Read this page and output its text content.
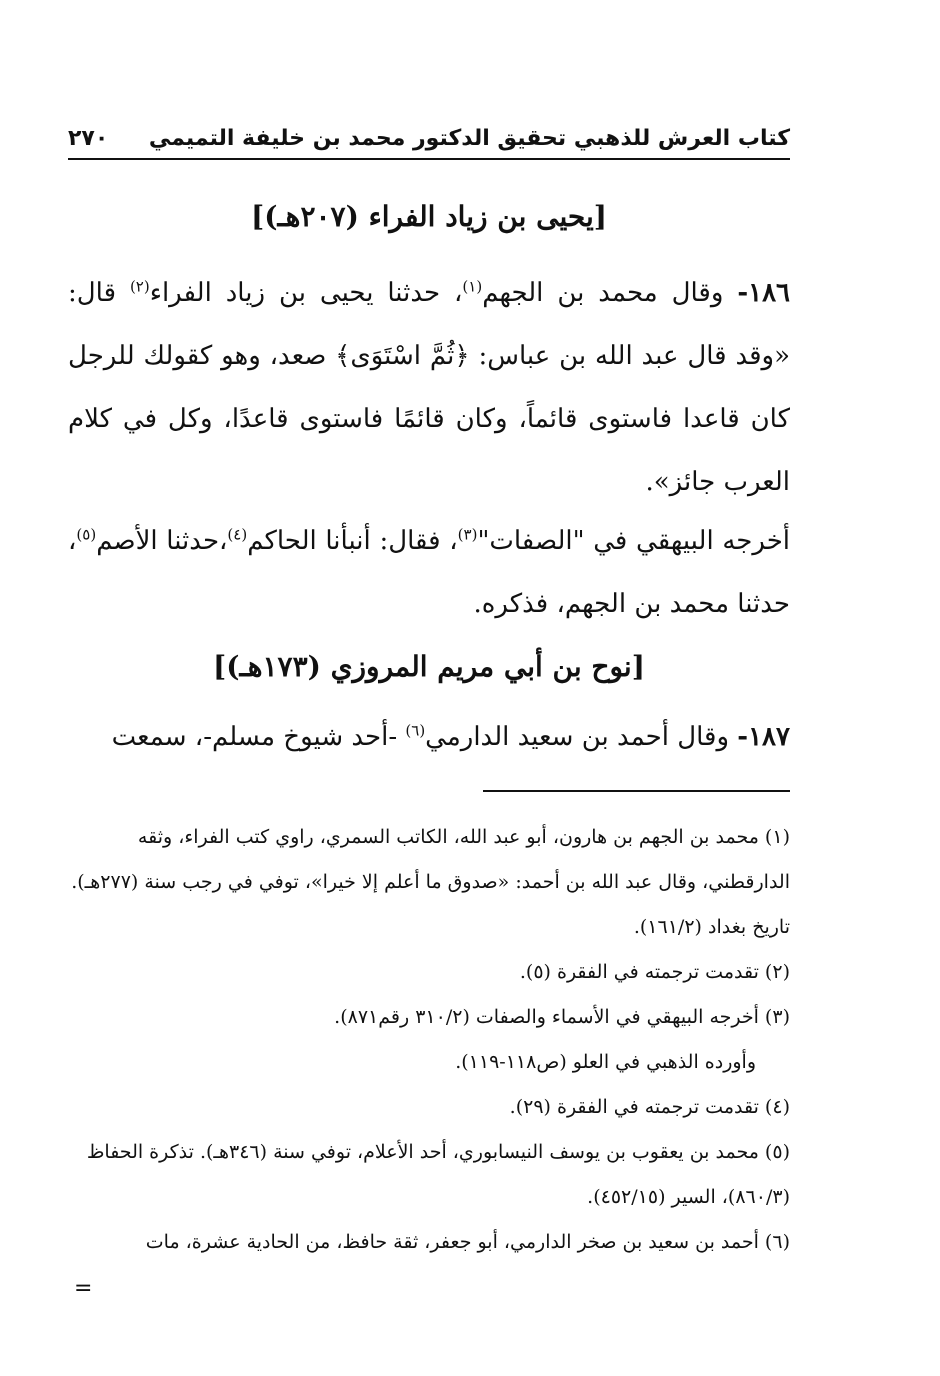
كتاب العرش للذهبي تحقيق الدكتور محمد بن خليفة التميمي
٢٧٠
[يحيى بن زياد الفراء (٢٠٧هـ)]

١٨٦- وقال محمد بن الجهم$^{(١)}$، حدثنا يحيى بن زياد الفراء$^{(٢)}$ قال: «وقد قال عبد الله بن عباس: ﴿ثُمَّ اسْتَوَى﴾ صعد، وهو كقولك للرجل كان قاعدا فاستوى قائماً، وكان قائمًا فاستوى قاعدًا، وكل في كلام العرب جائز».

أخرجه البيهقي في "الصفات"$^{(٣)}$، فقال: أنبأنا الحاكم$^{(٤)}$،حدثنا الأصم$^{(٥)}$، حدثنا محمد بن الجهم، فذكره.

[نوح بن أبي مريم المروزي (١٧٣هـ)]

١٨٧- وقال أحمد بن سعيد الدارمي$^{(٦)}$ -أحد شيوخ مسلم-، سمعت

(١) محمد بن الجهم بن هارون، أبو عبد الله، الكاتب السمري، راوي كتب الفراء، وثقه الدارقطني، وقال عبد الله بن أحمد: «صدوق ما أعلم إلا خيرا»، توفي في رجب سنة (٢٧٧هـ). تاريخ بغداد (١٦١/٢).

(٢) تقدمت ترجمته في الفقرة (٥).

(٣) أخرجه البيهقي في الأسماء والصفات (٣١٠/٢ رقم٨٧١).

وأورده الذهبي في العلو (ص١١٨-١١٩).

(٤) تقدمت ترجمته في الفقرة (٢٩).

(٥) محمد بن يعقوب بن يوسف النيسابوري، أحد الأعلام، توفي سنة (٣٤٦هـ). تذكرة الحفاظ (٨٦٠/٣)، السير (٤٥٢/١٥).

(٦) أحمد بن سعيد بن صخر الدارمي، أبو جعفر، ثقة حافظ، من الحادية عشرة، مات

=
